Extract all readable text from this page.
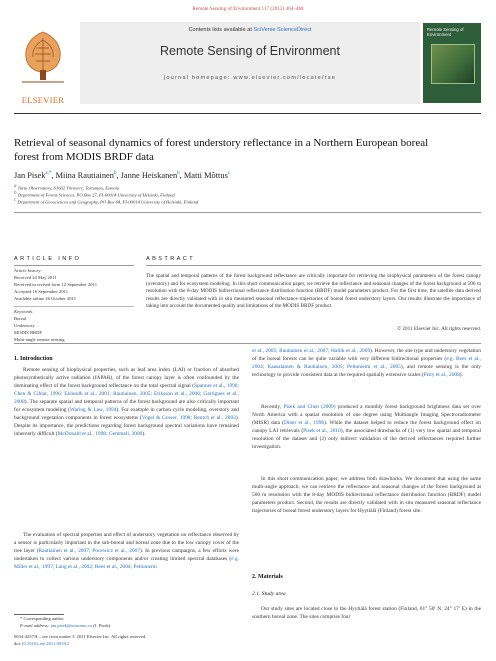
Remote Sensing of Environment 117 (2012) 464–468
ELSEVIER
Contents lists available at SciVerse ScienceDirect
Remote Sensing of Environment
journal homepage: www.elsevier.com/locate/rse
Remote Sensing of Environment
Retrieval of seasonal dynamics of forest understory reflectance in a Northern European boreal forest from MODIS BRDF data
Jan Pisek$^{a,*}$, Miina Rautiainen$^b$, Janne Heiskanen$^b$, Matti Mõttus$^c$
$^a$ Tartu Observatory, 61602 Tõravere, Tartumaa, Estonia
$^b$ Department of Forest Sciences, PO Box 27, FI-00014 University of Helsinki, Finland
$^c$ Department of Geosciences and Geography, PO Box 64, FI-00014 University of Helsinki, Finland
ARTICLE INFO
Article history:
Received 24 May 2011
Received in revised form 12 September 2011
Accepted 16 September 2011
Available online 26 October 2011
Keywords:
Boreal
Understory
MODIS BRDF
Multi-angle remote sensing
ABSTRACT
The spatial and temporal patterns of the forest background reflectance are critically important for retrieving the biophysical parameters of the forest canopy (overstory) and for ecosystem modeling. In this short communication paper, we retrieve the reflectance and seasonal changes of the forest background at 500 m resolution with the 8-day MODIS bidirectional reflectance distribution function (BRDF) model parameters product. For the first time, the satellite data derived results are directly validated with in situ measured seasonal reflectance trajectories of boreal forest understory layers. Our results illustrate the importance of taking into account the documented quality and limitations of the MODIS BRDF product.
© 2011 Elsevier Inc. All rights reserved.
1. Introduction
Remote sensing of biophysical properties, such as leaf area index (LAI) or fraction of absorbed photosynthetically active radiation (fAPAR), of the forest canopy layer is often confounded by the dominating effect of the forest background reflectance on the total spectral signal (Spanner et al., 1990; Chen & Cihlar, 1996; Eklundh et al., 2001; Rautiainen, 2005; Eriksson et al., 2006; Garrigues et al., 2008). The separate spatial and temporal patterns of the forest background are also critically important for ecosystem modeling (Waring & Law, 1994). For example in carbon cycle modeling, overstory and background vegetation components in forest ecosystems (Vogel & Gower, 1998; Rentch et al., 2003). Despite its importance, the predictions regarding forest background spectral variations have remained inherently difficult (McDonald et al., 1998; Gemmell, 2000).
The evaluation of spectral properties and effect of understory vegetation on reflectance observed by a sensor is particularly important in the sub-boreal and boreal zone due to the low canopy cover of the tree layer (Rautiainen et al., 2007; Pocewicz et al., 2007). In previous campaigns, a few efforts were undertaken to collect various understory components and/or creating limited spectral databases (e.g. Miller et al., 1997; Lang et al., 2002; Rees et al., 2004; Peltoniemi
* Corresponding author.
E-mail address: jan.pisek@utoronto.ca (J. Pisek).
0034-4257/$ – see front matter © 2011 Elsevier Inc. All rights reserved.
doi:10.1016/j.rse.2011.09.012
et al., 2005; Rautiainen et al., 2007; Hallik et al., 2009). However, the site type and understory vegetation of the boreal forests can be quite variable with very different bidirectional properties (e.g. Rees et al., 2004; Kaasalainen & Rautiainen, 2005; Peltoniemi et al., 2005), and remote sensing is the only technology to provide consistent data at the required spatially extensive scales (Pisty et al., 2008).
Recently, Pisek and Chen (2009) produced a monthly forest background brightness data set over North America with a spatial resolution of one degree using Multiangle Imaging Spectroradiometer (MISR) data (Diner et al., 1998). While the dataset helped to reduce the forest background effect on canopy LAI retrievals (Pisek et al., 2010), the associated drawbacks of (1) very low spatial and temporal resolution of the dataset and (2) only indirect validation of the derived reflectances required further investigation.
In this short communication paper, we address both drawbacks. We document that using the same multi-angle approach, we can retrieve the reflectance and seasonal changes of the forest background at 500 m resolution with the 8-day MODIS bidirectional reflectance distribution function (BRDF) model parameters product. Second, the results are directly validated with in situ measured seasonal reflectance trajectories of boreal forest understory layers for Hyytiälä (Finland) forest site.
2. Materials
2.1. Study area
Our study sites are located close to the Hyytiälä forest station (Finland, 61° 50′ N, 24° 17′ E) in the southern boreal zone. The sites comprise four
